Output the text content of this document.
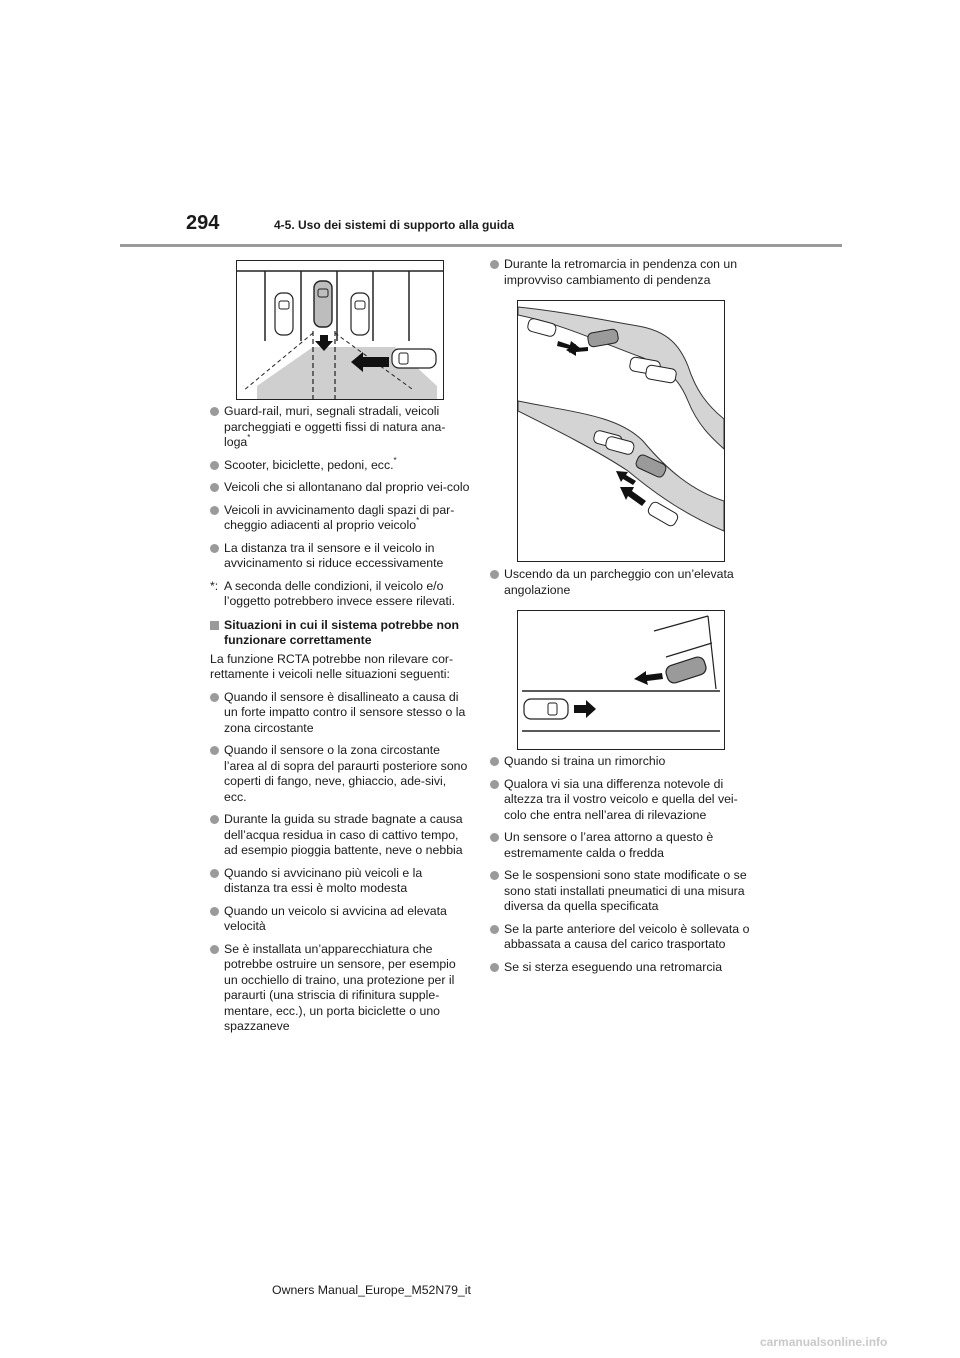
294	4-5. Uso dei sistemi di supporto alla guida
Guard-rail, muri, segnali stradali, veicoli parcheggiati e oggetti fissi di natura ana-loga*
Scooter, biciclette, pedoni, ecc.*
Veicoli che si allontanano dal proprio vei-colo
Veicoli in avvicinamento dagli spazi di par-cheggio adiacenti al proprio veicolo*
La distanza tra il sensore e il veicolo in avvicinamento si riduce eccessivamente
*: A seconda delle condizioni, il veicolo e/o l’oggetto potrebbero invece essere rilevati.
Situazioni in cui il sistema potrebbe non funzionare correttamente

La funzione RCTA potrebbe non rilevare cor-rettamente i veicoli nelle situazioni seguenti:

Quando il sensore è disallineato a causa di un forte impatto contro il sensore stesso o la zona circostante
Quando il sensore o la zona circostante l’area al di sopra del paraurti posteriore sono coperti di fango, neve, ghiaccio, ade-sivi, ecc.
Durante la guida su strade bagnate a causa dell’acqua residua in caso di cattivo tempo, ad esempio pioggia battente, neve o nebbia
Quando si avvicinano più veicoli e la distanza tra essi è molto modesta
Quando un veicolo si avvicina ad elevata velocità
Se è installata un’apparecchiatura che potrebbe ostruire un sensore, per esempio un occhiello di traino, una protezione per il paraurti (una striscia di rifinitura supple-mentare, ecc.), un porta biciclette o uno spazzaneve
Durante la retromarcia in pendenza con un improvviso cambiamento di pendenza
Uscendo da un parcheggio con un’elevata angolazione
Quando si traina un rimorchio
Qualora vi sia una differenza notevole di altezza tra il vostro veicolo e quella del vei-colo che entra nell’area di rilevazione
Un sensore o l’area attorno a questo è estremamente calda o fredda
Se le sospensioni sono state modificate o se sono stati installati pneumatici di una misura diversa da quella specificata
Se la parte anteriore del veicolo è sollevata o abbassata a causa del carico trasportato
Se si sterza eseguendo una retromarcia
Owners Manual_Europe_M52N79_it
carmanualsonline.info
